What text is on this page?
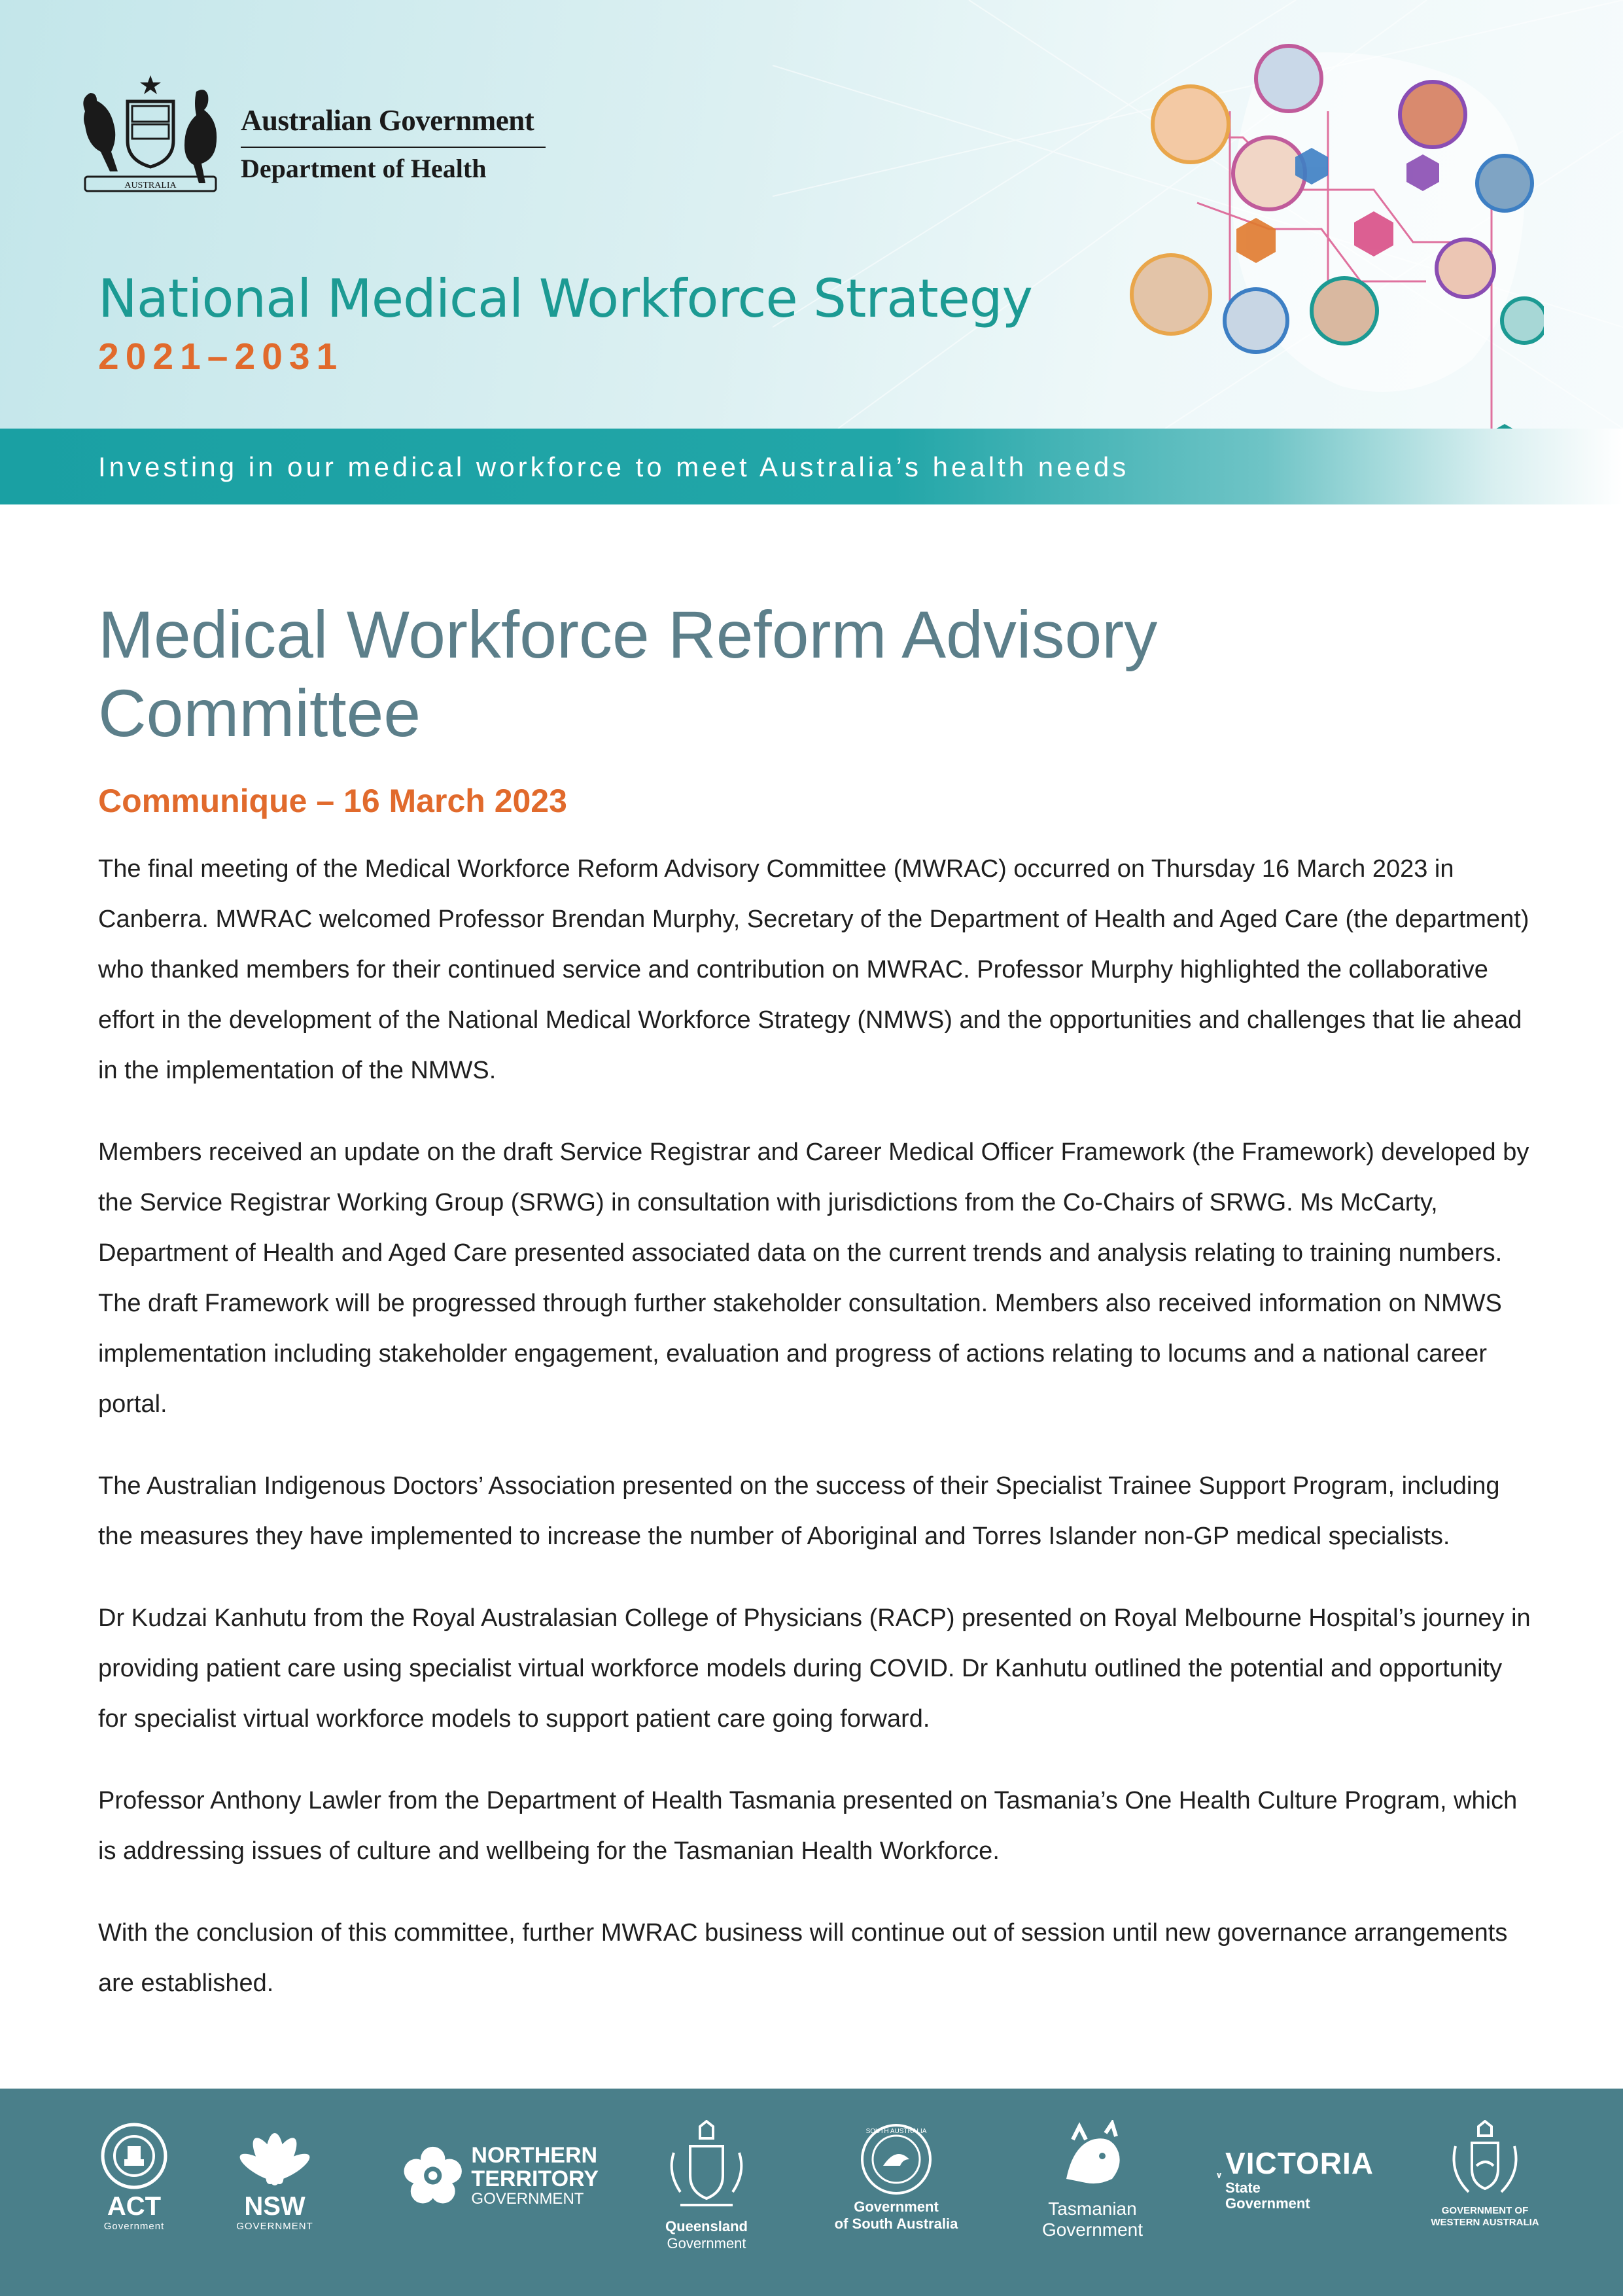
AUSTRALIA
Australian Government
Department of Health
National Medical Workforce Strategy
2021–2031
Investing in our medical workforce to meet Australia’s health needs
Medical Workforce Reform Advisory Committee
Communique – 16 March 2023

The final meeting of the Medical Workforce Reform Advisory Committee (MWRAC) occurred on Thursday 16 March 2023 in Canberra. MWRAC welcomed Professor Brendan Murphy, Secretary of the Department of Health and Aged Care (the department) who thanked members for their continued service and contribution on MWRAC. Professor Murphy highlighted the collaborative effort in the development of the National Medical Workforce Strategy (NMWS) and the opportunities and challenges that lie ahead in the implementation of the NMWS.

Members received an update on the draft Service Registrar and Career Medical Officer Framework (the Framework) developed by the Service Registrar Working Group (SRWG) in consultation with jurisdictions from the Co-Chairs of SRWG. Ms McCarty, Department of Health and Aged Care presented associated data on the current trends and analysis relating to training numbers. The draft Framework will be progressed through further stakeholder consultation. Members also received information on NMWS implementation including stakeholder engagement, evaluation and progress of actions relating to locums and a national career portal.

The Australian Indigenous Doctors’ Association presented on the success of their Specialist Trainee Support Program, including the measures they have implemented to increase the number of Aboriginal and Torres Islander non-GP medical specialists.

Dr Kudzai Kanhutu from the Royal Australasian College of Physicians (RACP) presented on Royal Melbourne Hospital’s journey in providing patient care using specialist virtual workforce models during COVID. Dr Kanhutu outlined the potential and opportunity for specialist virtual workforce models to support patient care going forward.

Professor Anthony Lawler from the Department of Health Tasmania presented on Tasmania’s One Health Culture Program, which is addressing issues of culture and wellbeing for the Tasmanian Health Workforce.

With the conclusion of this committee, further MWRAC business will continue out of session until new governance arrangements are established.

ACT
Government
NSW
GOVERNMENT
NORTHERN
TERRITORY
GOVERNMENT
Queensland
Government
SOUTH AUSTRALIA
Government
of South Australia
Tasmanian
Government
VICTORIA
State
Government	GOVERNMENT OF
WESTERN AUSTRALIA
